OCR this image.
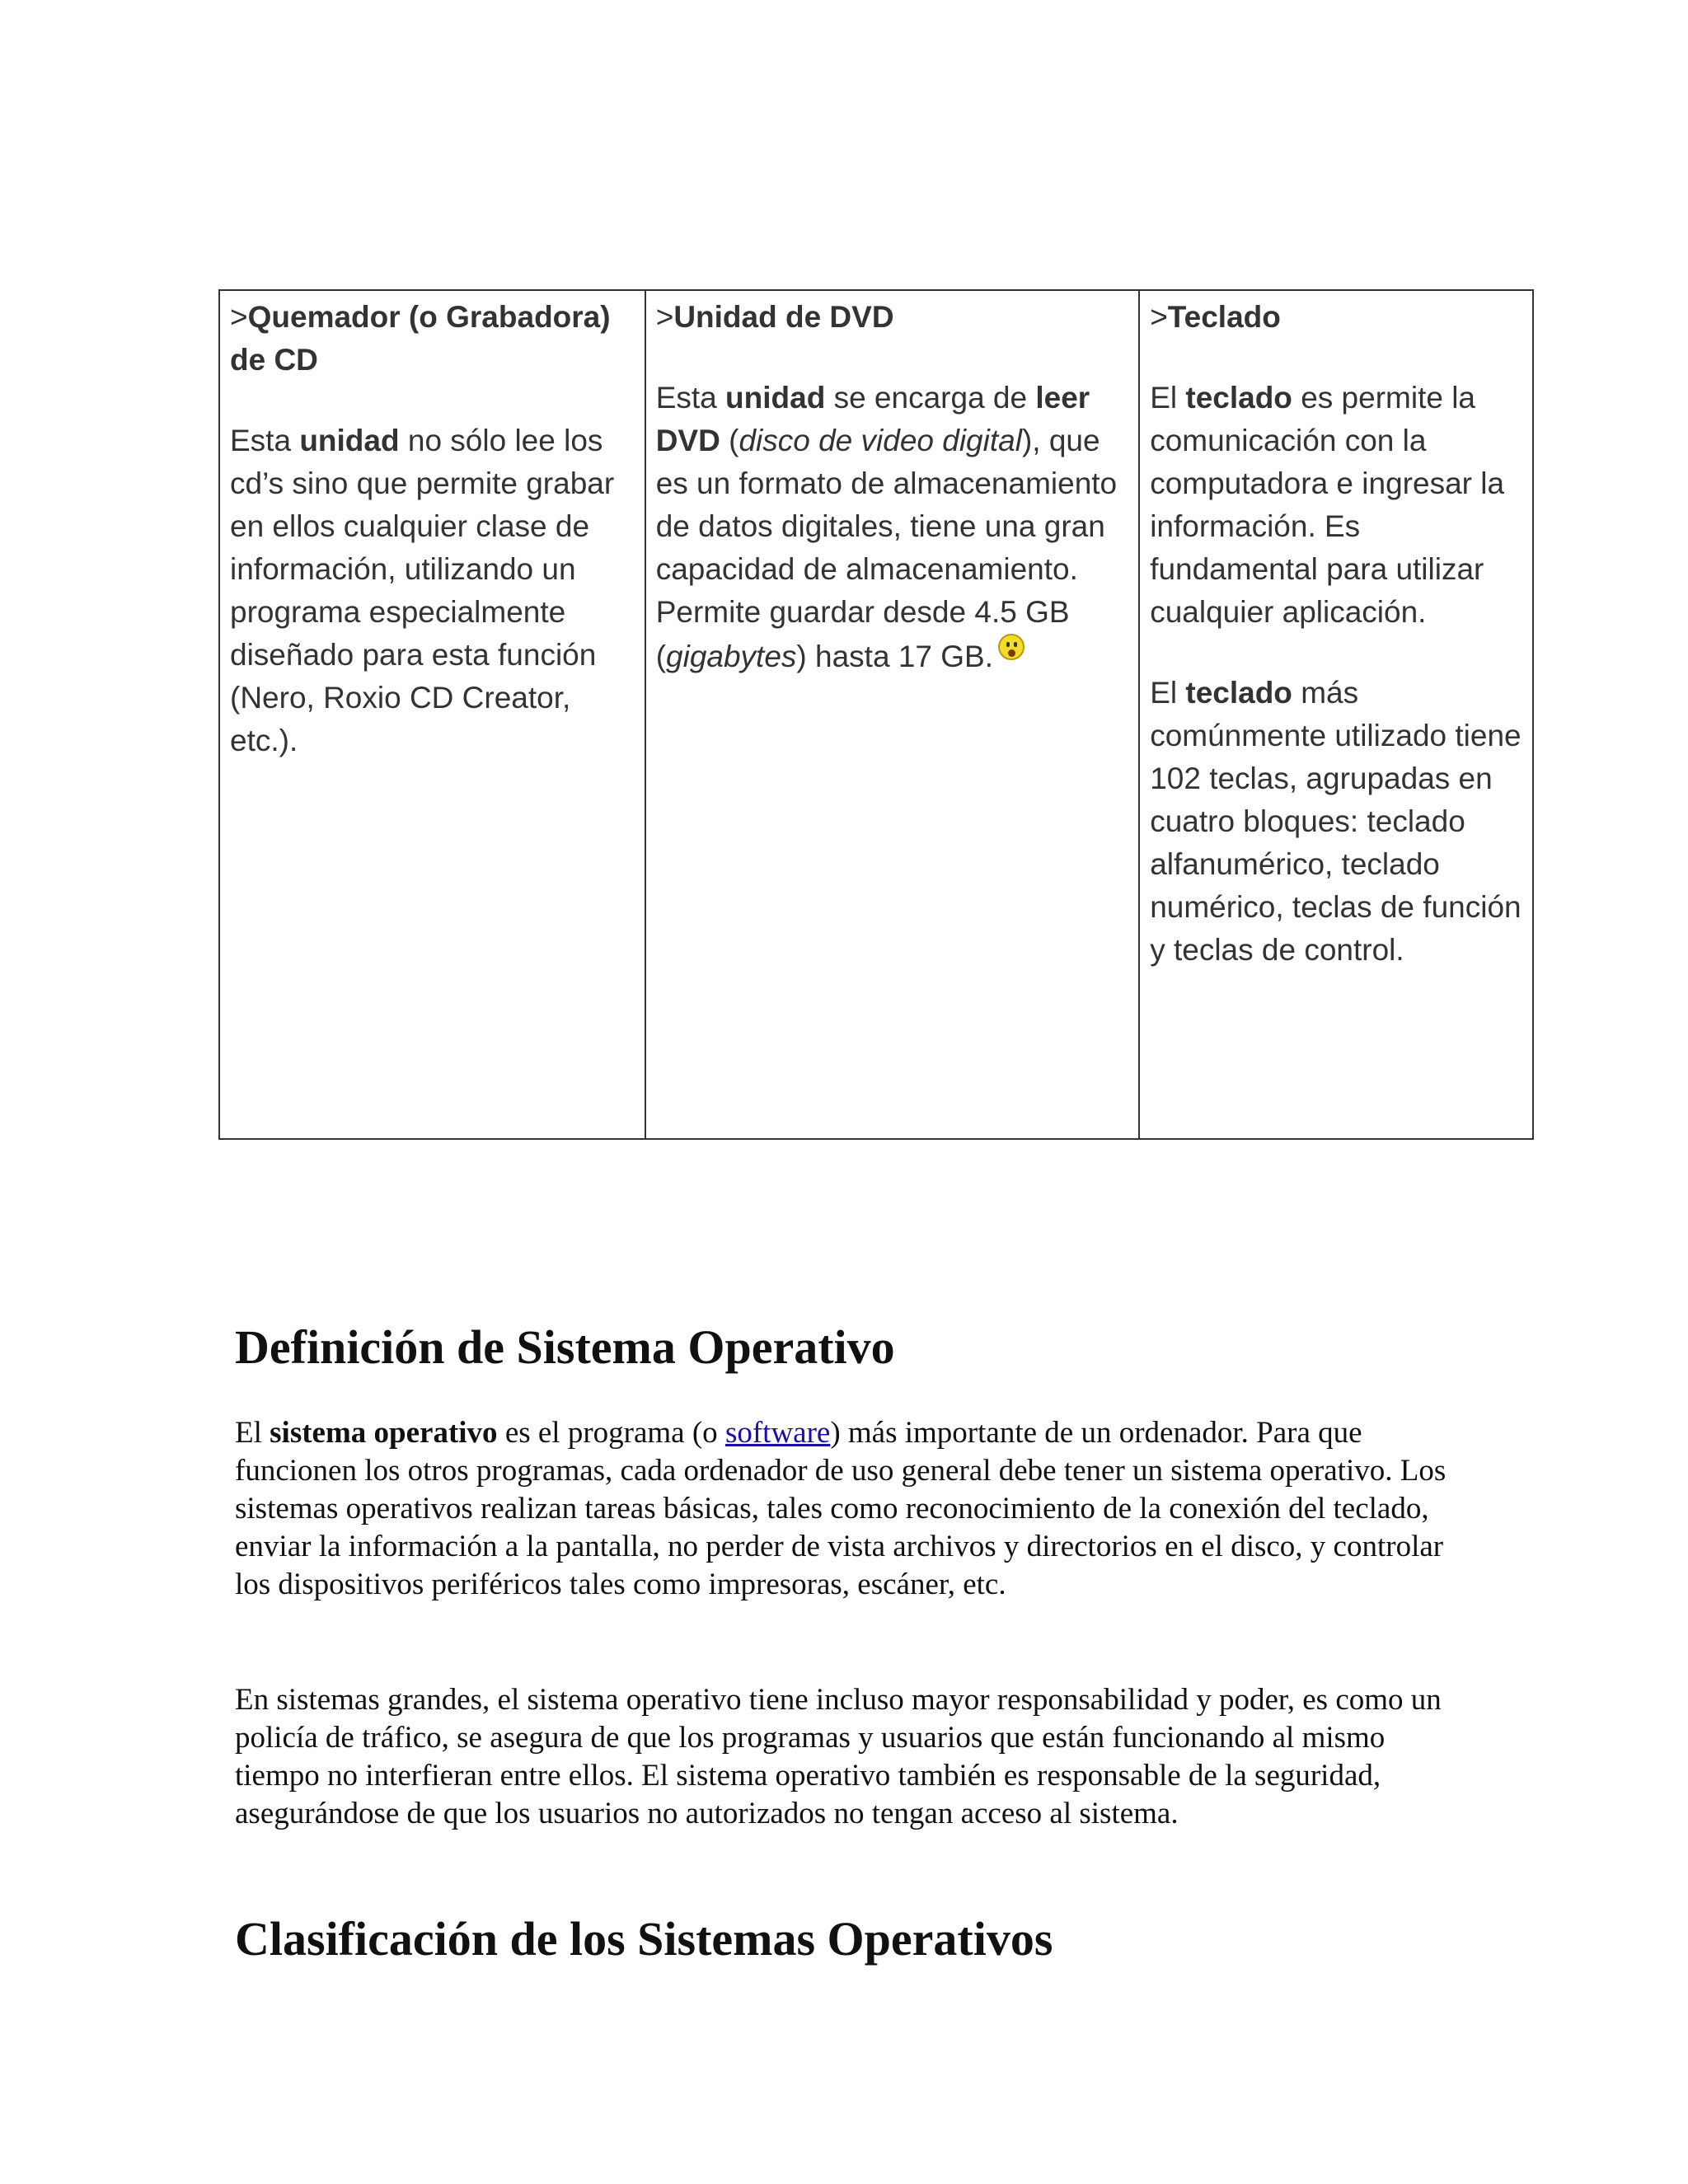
>Quemador (o Grabadora) de CD

Esta unidad no sólo lee los cd’s sino que permite grabar en ellos cualquier clase de información, utilizando un programa especialmente diseñado para esta función (Nero, Roxio CD Creator, etc.).

>Unidad de DVD

Esta unidad se encarga de leer DVD (disco de video digital), que es un formato de almacenamiento de datos digitales, tiene una gran capacidad de almacenamiento. Permite guardar desde 4.5 GB (gigabytes) hasta 17 GB.

>Teclado

El teclado es permite la comunicación con la computadora e ingresar la información. Es fundamental para utilizar cualquier aplicación.

El teclado más comúnmente utilizado tiene 102 teclas, agrupadas en cuatro bloques: teclado alfanumérico, teclado numérico, teclas de función y teclas de control.

Definición de Sistema Operativo

El sistema operativo es el programa (o software) más importante de un ordenador. Para que funcionen los otros programas, cada ordenador de uso general debe tener un sistema operativo. Los sistemas operativos realizan tareas básicas, tales como reconocimiento de la conexión del teclado, enviar la información a la pantalla, no perder de vista archivos y directorios en el disco, y controlar los dispositivos periféricos tales como impresoras, escáner, etc.

En sistemas grandes, el sistema operativo tiene incluso mayor responsabilidad y poder, es como un policía de tráfico, se asegura de que los programas y usuarios que están funcionando al mismo tiempo no interfieran entre ellos. El sistema operativo también es responsable de la seguridad, asegurándose de que los usuarios no autorizados no tengan acceso al sistema.

Clasificación de los Sistemas Operativos
